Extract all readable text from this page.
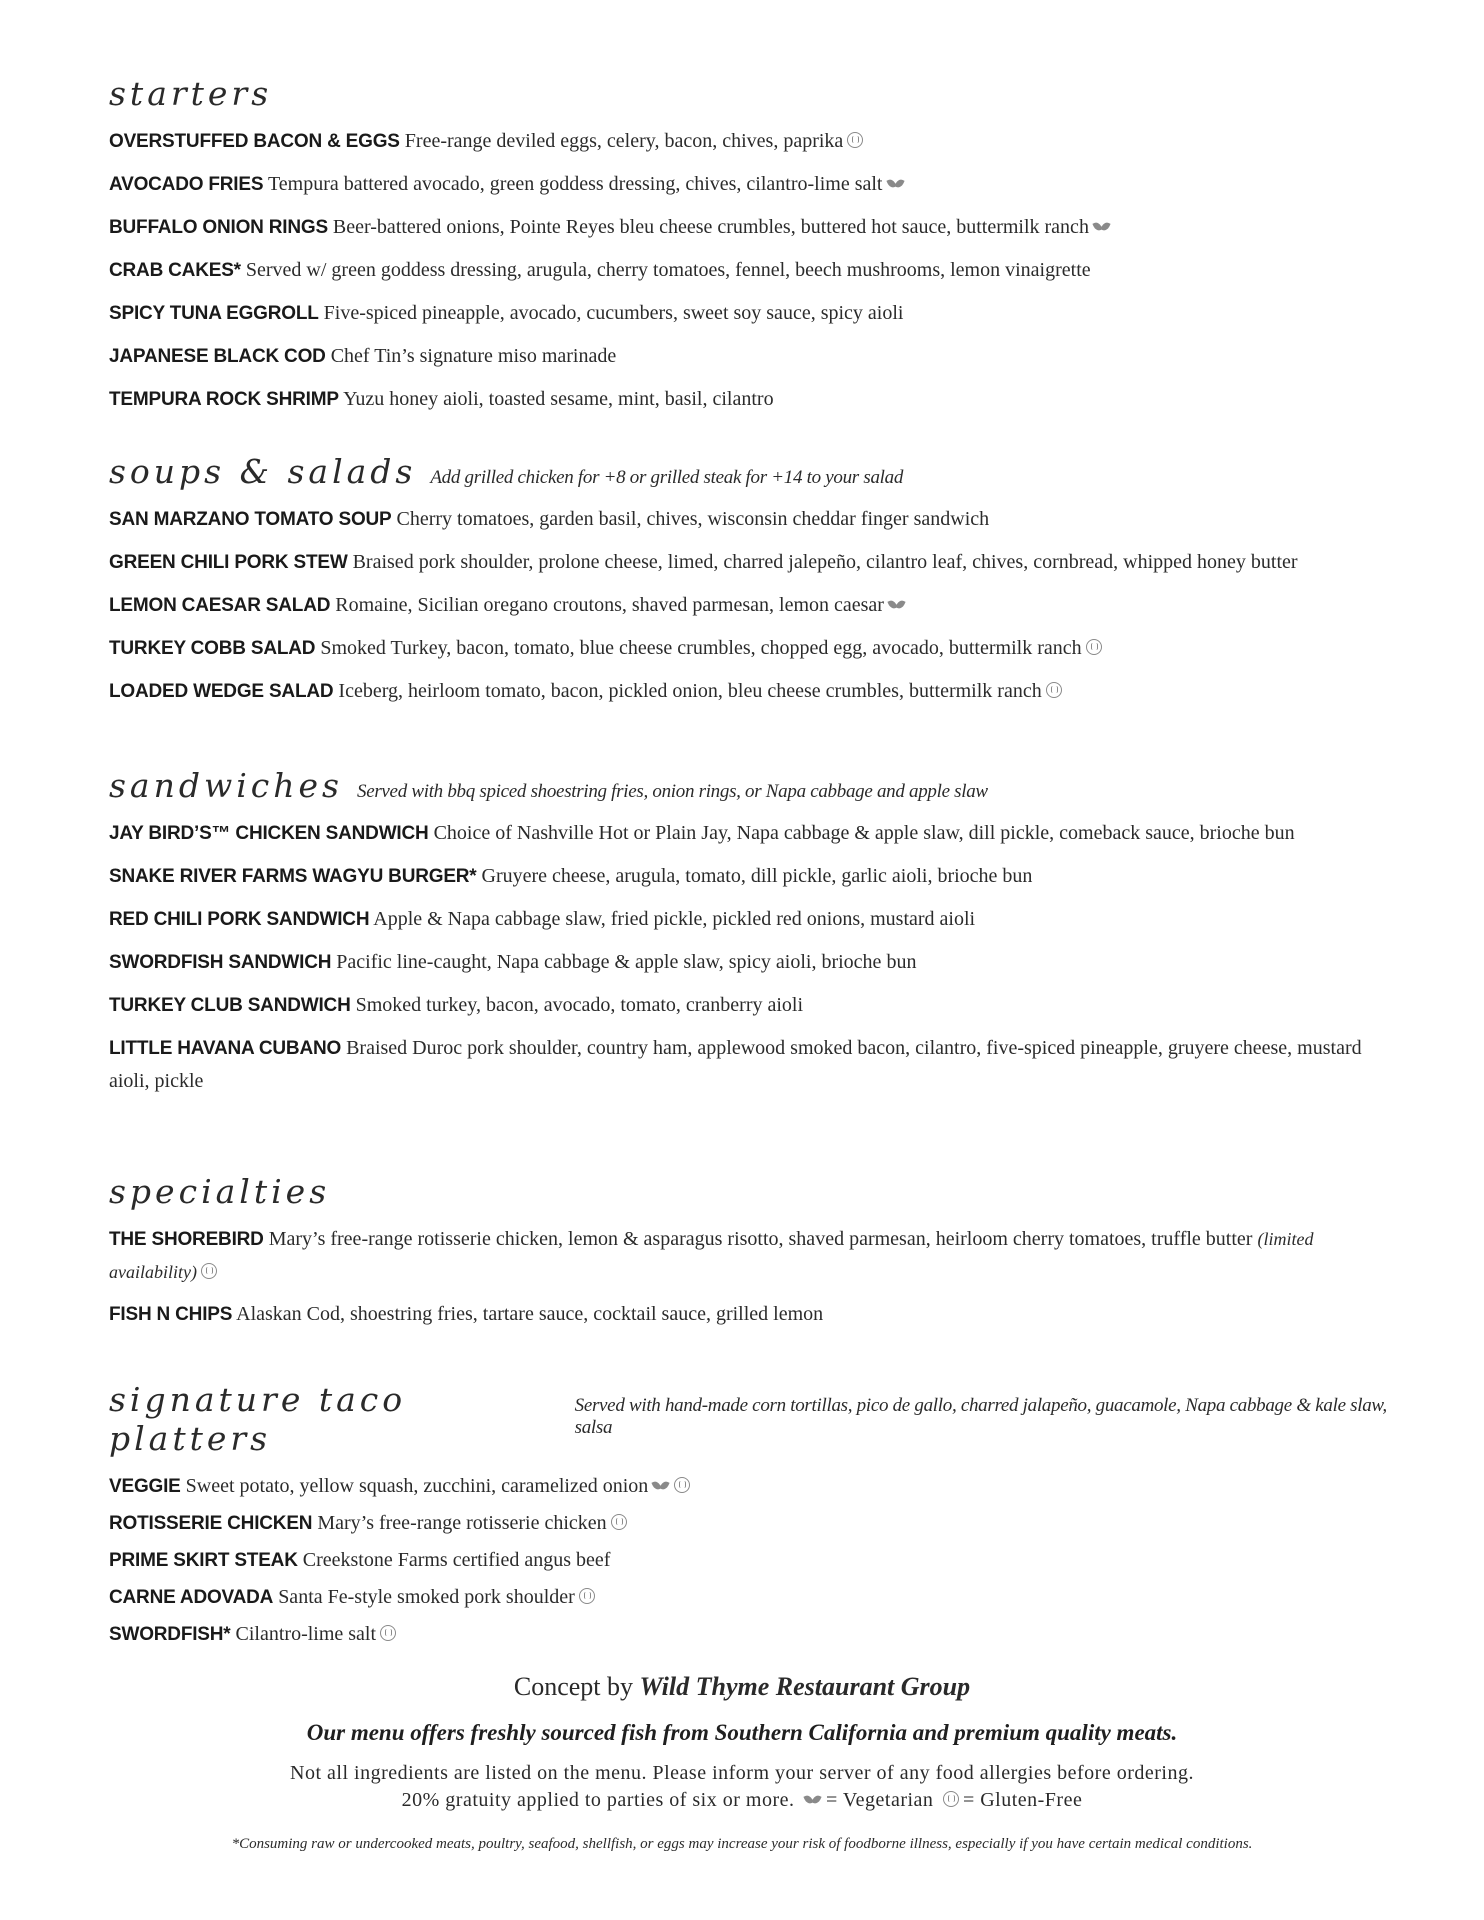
starters
OVERSTUFFED BACON & EGGS Free-range deviled eggs, celery, bacon, chives, paprika
AVOCADO FRIES Tempura battered avocado, green goddess dressing, chives, cilantro-lime salt
BUFFALO ONION RINGS Beer-battered onions, Pointe Reyes bleu cheese crumbles, buttered hot sauce, buttermilk ranch
CRAB CAKES* Served w/ green goddess dressing, arugula, cherry tomatoes, fennel, beech mushrooms, lemon vinaigrette
SPICY TUNA EGGROLL Five-spiced pineapple, avocado, cucumbers, sweet soy sauce, spicy aioli
JAPANESE BLACK COD Chef Tin’s signature miso marinade
TEMPURA ROCK SHRIMP Yuzu honey aioli, toasted sesame, mint, basil, cilantro
soups & salads Add grilled chicken for +8 or grilled steak for +14 to your salad
SAN MARZANO TOMATO SOUP Cherry tomatoes, garden basil, chives, wisconsin cheddar finger sandwich
GREEN CHILI PORK STEW Braised pork shoulder, prolone cheese, limed, charred jalepeño, cilantro leaf, chives, cornbread, whipped honey butter
LEMON CAESAR SALAD Romaine, Sicilian oregano croutons, shaved parmesan, lemon caesar
TURKEY COBB SALAD Smoked Turkey, bacon, tomato, blue cheese crumbles, chopped egg, avocado, buttermilk ranch
LOADED WEDGE SALAD Iceberg, heirloom tomato, bacon, pickled onion, bleu cheese crumbles, buttermilk ranch
sandwiches Served with bbq spiced shoestring fries, onion rings, or Napa cabbage and apple slaw
JAY BIRD’S™ CHICKEN SANDWICH Choice of Nashville Hot or Plain Jay, Napa cabbage & apple slaw, dill pickle, comeback sauce, brioche bun
SNAKE RIVER FARMS WAGYU BURGER* Gruyere cheese, arugula, tomato, dill pickle, garlic aioli, brioche bun
RED CHILI PORK SANDWICH Apple & Napa cabbage slaw, fried pickle, pickled red onions, mustard aioli
SWORDFISH SANDWICH Pacific line-caught, Napa cabbage & apple slaw, spicy aioli, brioche bun
TURKEY CLUB SANDWICH Smoked turkey, bacon, avocado, tomato, cranberry aioli
LITTLE HAVANA CUBANO Braised Duroc pork shoulder, country ham, applewood smoked bacon, cilantro, five-spiced pineapple, gruyere cheese, mustard aioli, pickle
specialties
THE SHOREBIRD Mary’s free-range rotisserie chicken, lemon & asparagus risotto, shaved parmesan, heirloom cherry tomatoes, truffle butter (limited availability)
FISH N CHIPS Alaskan Cod, shoestring fries, tartare sauce, cocktail sauce, grilled lemon
signature taco platters
Served with hand-made corn tortillas, pico de gallo, charred jalapeño, guacamole, Napa cabbage & kale slaw, salsa
VEGGIE Sweet potato, yellow squash, zucchini, caramelized onion
ROTISSERIE CHICKEN Mary’s free-range rotisserie chicken
PRIME SKIRT STEAK Creekstone Farms certified angus beef
CARNE ADOVADA Santa Fe-style smoked pork shoulder
SWORDFISH* Cilantro-lime salt
Concept by Wild Thyme Restaurant Group
Our menu offers freshly sourced fish from Southern California and premium quality meats.
Not all ingredients are listed on the menu. Please inform your server of any food allergies before ordering.
20% gratuity applied to parties of six or more. = Vegetarian = Gluten-Free
*Consuming raw or undercooked meats, poultry, seafood, shellfish, or eggs may increase your risk of foodborne illness, especially if you have certain medical conditions.
